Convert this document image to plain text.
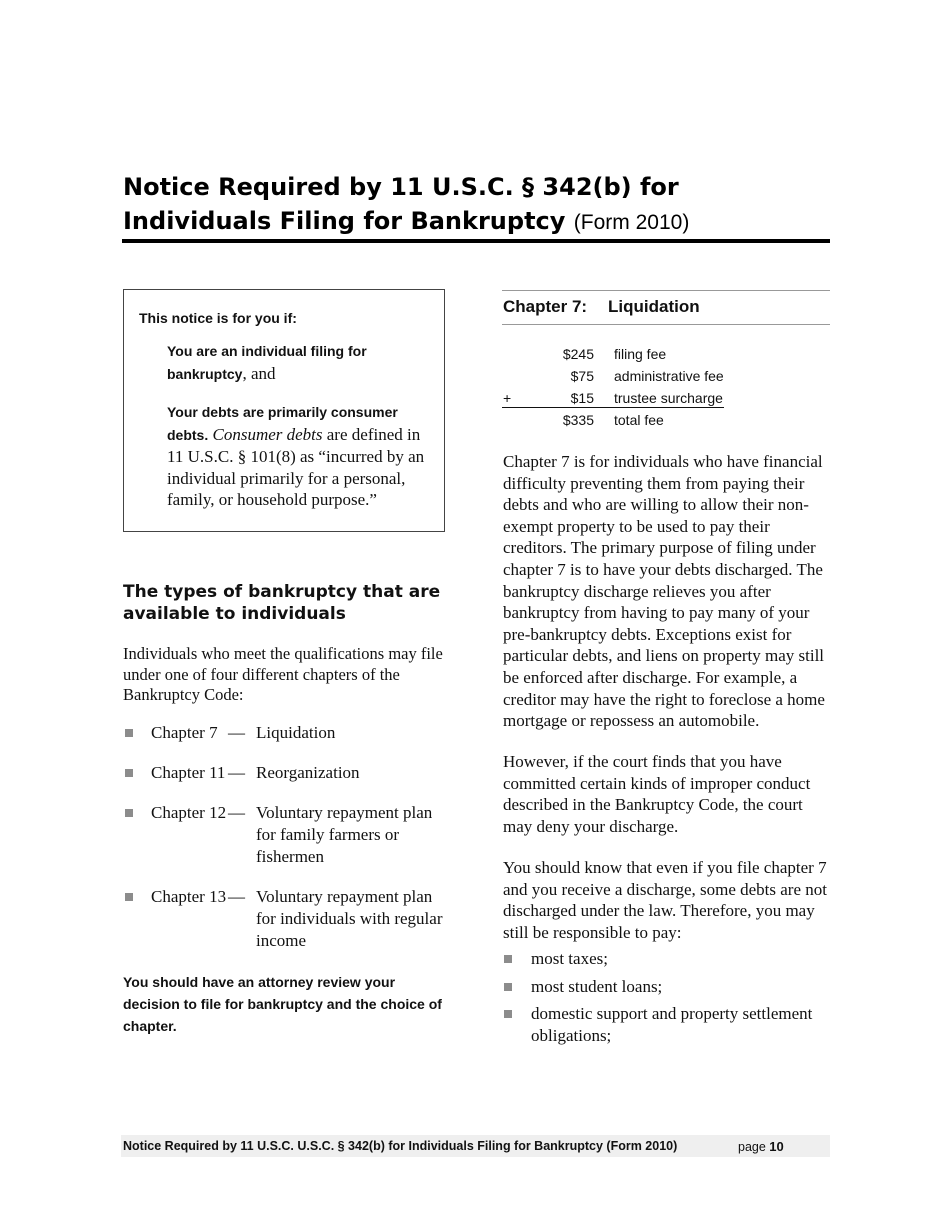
Notice Required by 11 U.S.C. § 342(b) for
Individuals Filing for Bankruptcy (Form 2010)
This notice is for you if:
You are an individual filing for bankruptcy, and
Your debts are primarily consumer debts. Consumer debts are defined in 11 U.S.C. § 101(8) as “incurred by an individual primarily for a personal, family, or household purpose.”
The types of bankruptcy that are available to individuals
Individuals who meet the qualifications may file under one of four different chapters of the Bankruptcy Code:
Chapter 7 — Liquidation
Chapter 11 — Reorganization
Chapter 12 — Voluntary repayment plan for family farmers or fishermen
Chapter 13 — Voluntary repayment plan for individuals with regular income
You should have an attorney review your decision to file for bankruptcy and the choice of chapter.
Chapter 7: Liquidation
$245 filing fee
$75 administrative fee
+	$15 trustee surcharge
$335 total fee
Chapter 7 is for individuals who have financial difficulty preventing them from paying their debts and who are willing to allow their non-exempt property to be used to pay their creditors. The primary purpose of filing under chapter 7 is to have your debts discharged. The bankruptcy discharge relieves you after bankruptcy from having to pay many of your pre-bankruptcy debts. Exceptions exist for particular debts, and liens on property may still be enforced after discharge. For example, a creditor may have the right to foreclose a home mortgage or repossess an automobile.
However, if the court finds that you have committed certain kinds of improper conduct described in the Bankruptcy Code, the court may deny your discharge.
You should know that even if you file chapter 7 and you receive a discharge, some debts are not discharged under the law. Therefore, you may still be responsible to pay:
most taxes;
most student loans;
domestic support and property settlement obligations;
Notice Required by 11 U.S.C. U.S.C. § 342(b) for Individuals Filing for Bankruptcy (Form 2010)	page 10
